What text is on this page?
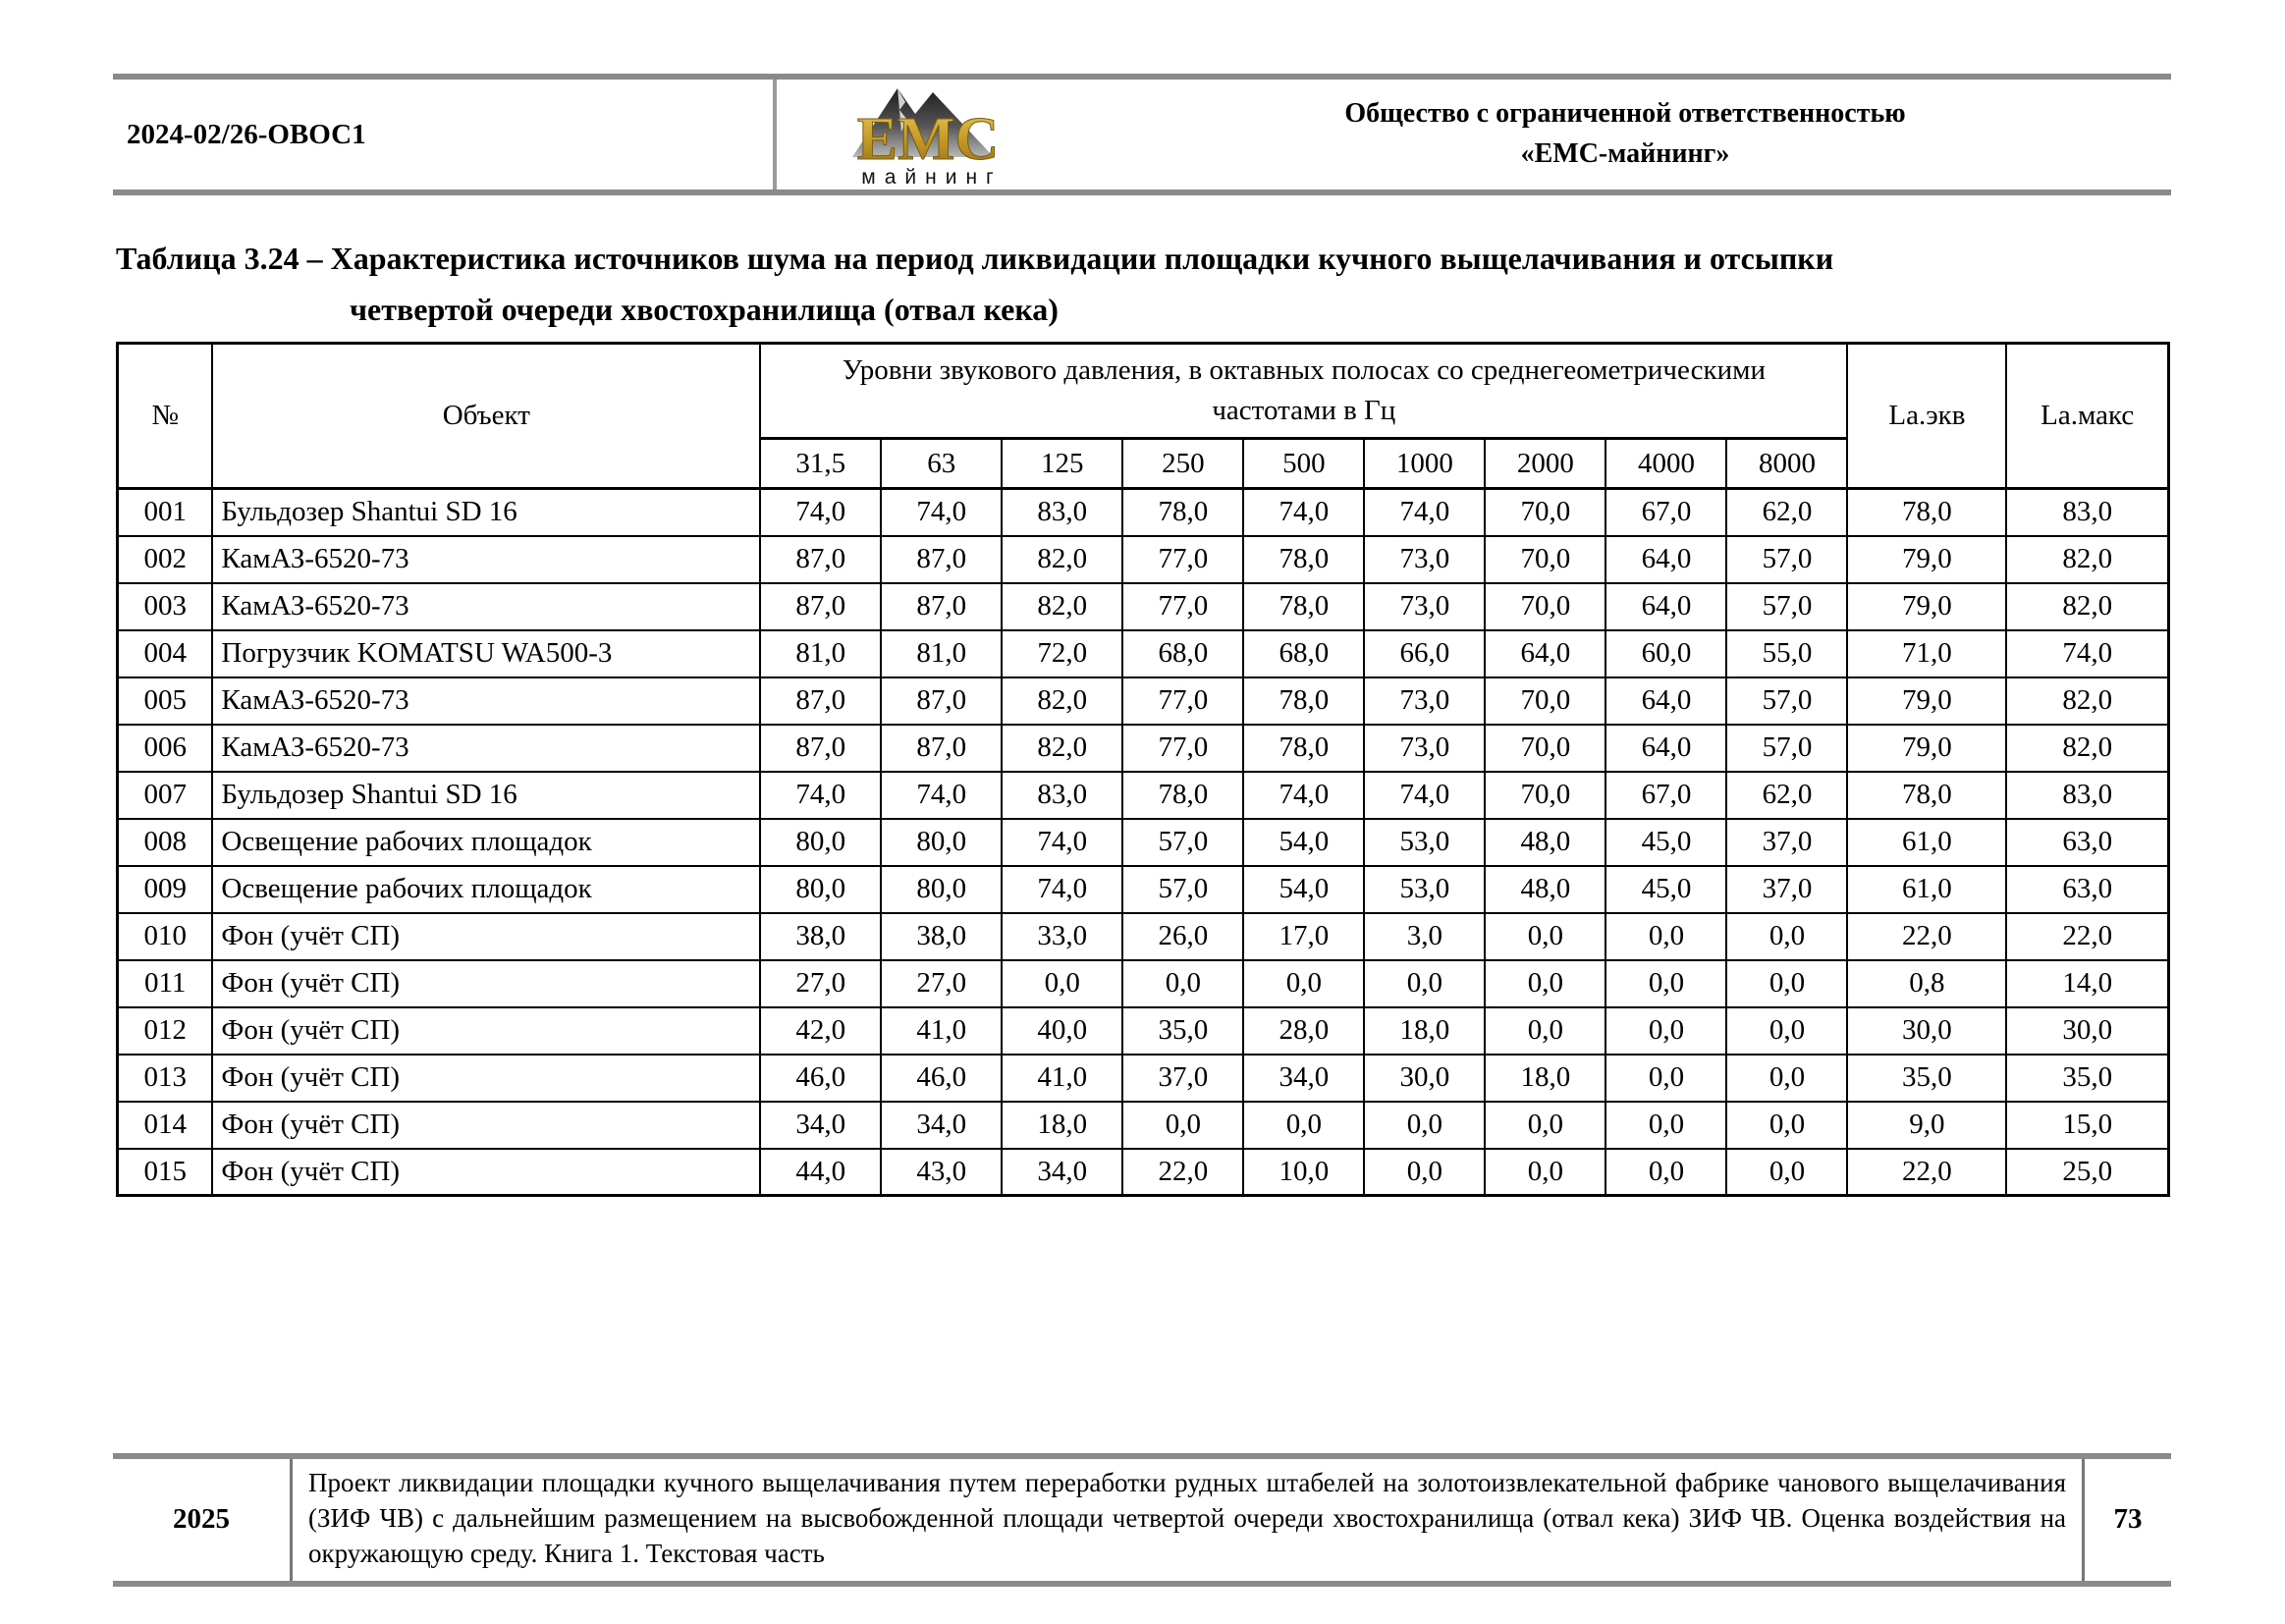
2024-02/26-ОВОС1	ЕМС
майнинг
Общество с ограниченной ответственностью
«ЕМС-майнинг»
Таблица 3.24 – Характеристика источников шума на период ликвидации площадки кучного выщелачивания и отсыпки
четвертой очереди хвостохранилища (отвал кека)
№	Объект	Уровни звукового давления, в октавных полосах со среднегеометрическими частотами в Гц									Lа.экв	Lа.макс
		31,5	63	125	250	500	1000	2000	4000	8000		
001	Бульдозер Shantui SD 16	74,0	74,0	83,0	78,0	74,0	74,0	70,0	67,0	62,0	78,0	83,0
002	КамАЗ-6520-73	87,0	87,0	82,0	77,0	78,0	73,0	70,0	64,0	57,0	79,0	82,0
003	КамАЗ-6520-73	87,0	87,0	82,0	77,0	78,0	73,0	70,0	64,0	57,0	79,0	82,0
004	Погрузчик KOMATSU WA500-3	81,0	81,0	72,0	68,0	68,0	66,0	64,0	60,0	55,0	71,0	74,0
005	КамАЗ-6520-73	87,0	87,0	82,0	77,0	78,0	73,0	70,0	64,0	57,0	79,0	82,0
006	КамАЗ-6520-73	87,0	87,0	82,0	77,0	78,0	73,0	70,0	64,0	57,0	79,0	82,0
007	Бульдозер Shantui SD 16	74,0	74,0	83,0	78,0	74,0	74,0	70,0	67,0	62,0	78,0	83,0
008	Освещение рабочих площадок	80,0	80,0	74,0	57,0	54,0	53,0	48,0	45,0	37,0	61,0	63,0
009	Освещение рабочих площадок	80,0	80,0	74,0	57,0	54,0	53,0	48,0	45,0	37,0	61,0	63,0
010	Фон (учёт СП)	38,0	38,0	33,0	26,0	17,0	3,0	0,0	0,0	0,0	22,0	22,0
011	Фон (учёт СП)	27,0	27,0	0,0	0,0	0,0	0,0	0,0	0,0	0,0	0,8	14,0
012	Фон (учёт СП)	42,0	41,0	40,0	35,0	28,0	18,0	0,0	0,0	0,0	30,0	30,0
013	Фон (учёт СП)	46,0	46,0	41,0	37,0	34,0	30,0	18,0	0,0	0,0	35,0	35,0
014	Фон (учёт СП)	34,0	34,0	18,0	0,0	0,0	0,0	0,0	0,0	0,0	9,0	15,0
015	Фон (учёт СП)	44,0	43,0	34,0	22,0	10,0	0,0	0,0	0,0	0,0	22,0	25,0
2025
Проект ликвидации площадки кучного выщелачивания путем переработки рудных штабелей на золотоизвлекательной фабрике чанового выщелачивания (ЗИФ ЧВ) с дальнейшим размещением на высвобожденной площади четвертой очереди хвостохранилища (отвал кека) ЗИФ ЧВ. Оценка воздействия на окружающую среду. Книга 1. Текстовая часть
73
